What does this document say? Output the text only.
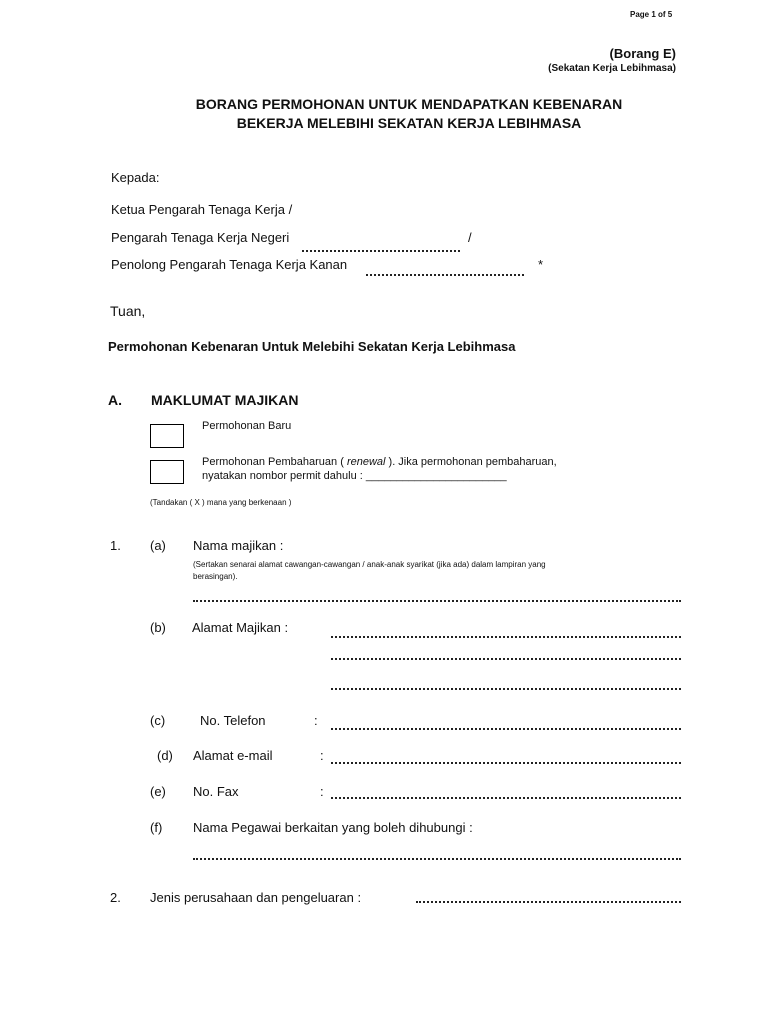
Page 1 of 5
(Borang E)
(Sekatan Kerja Lebihmasa)
BORANG PERMOHONAN UNTUK MENDAPATKAN KEBENARAN
BEKERJA MELEBIHI SEKATAN KERJA LEBIHMASA
Kepada:
Ketua Pengarah Tenaga Kerja /
Pengarah Tenaga Kerja Negeri	/
Penolong Pengarah Tenaga Kerja Kanan	*
Tuan,
Permohonan Kebenaran Untuk Melebihi Sekatan Kerja Lebihmasa
A. MAKLUMAT MAJIKAN
Permohonan Baru
Permohonan Pembaharuan ( renewal ). Jika permohonan pembaharuan,
nyatakan nombor permit dahulu : _______________________
(Tandakan ( X ) mana yang berkenaan )
1. (a) Nama majikan :
(Sertakan senarai alamat cawangan-cawangan / anak-anak syarikat (jika ada) dalam lampiran yang
berasingan).
(b) Alamat Majikan :
(c)	No. Telefon	:
(d) Alamat e-mail	:
(e) No. Fax	:
(f) Nama Pegawai berkaitan yang boleh dihubungi :
2. Jenis perusahaan dan pengeluaran :
